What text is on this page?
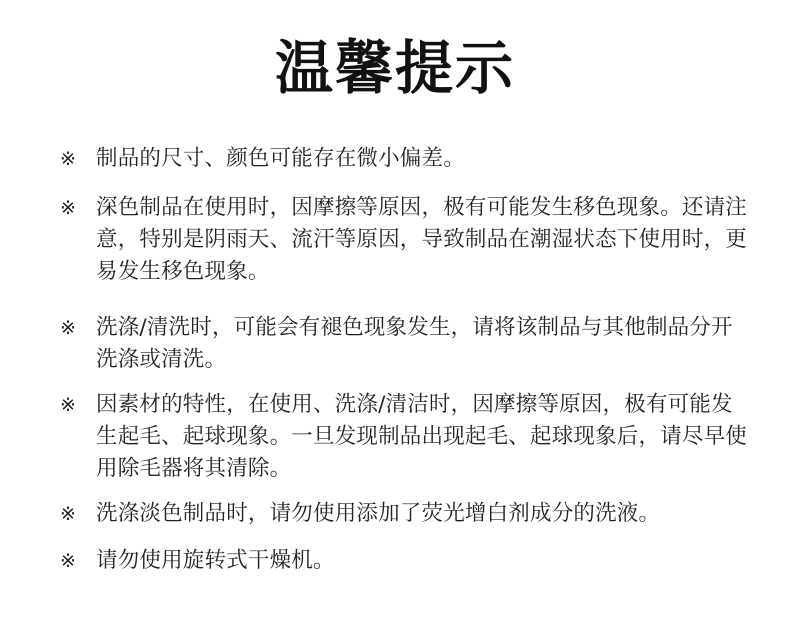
温馨提示
※ 制品的尺寸、颜色可能存在微小偏差。
※ 深色制品在使用时，因摩擦等原因，极有可能发生移色现象。还请注意，特别是阴雨天、流汗等原因，导致制品在潮湿状态下使用时，更易发生移色现象。
※ 洗涤/清洗时，可能会有褪色现象发生，请将该制品与其他制品分开洗涤或清洗。
※ 因素材的特性，在使用、洗涤/清洁时，因摩擦等原因，极有可能发生起毛、起球现象。一旦发现制品出现起毛、起球现象后，请尽早使用除毛器将其清除。
※ 洗涤淡色制品时，请勿使用添加了荧光增白剂成分的洗液。
※ 请勿使用旋转式干燥机。
